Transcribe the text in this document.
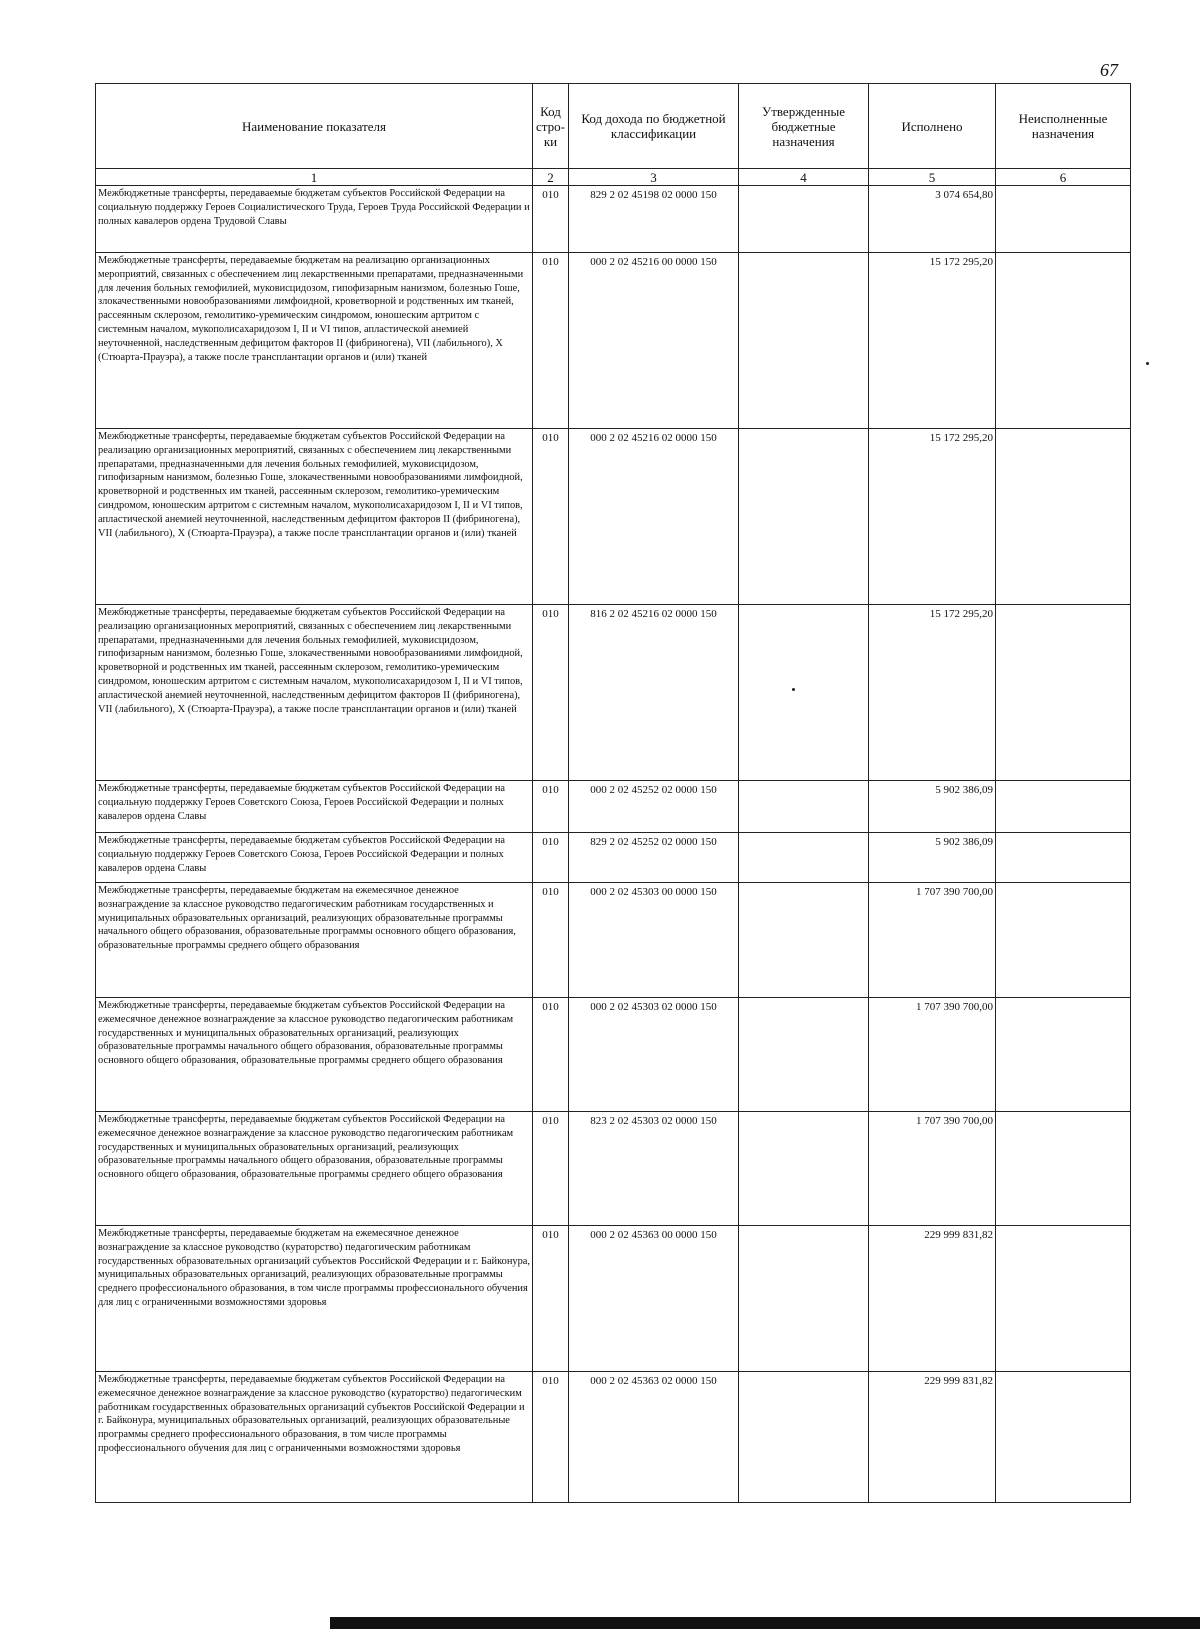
67
Наименование показателя	Код стро-ки	Код дохода по бюджетной классификации	Утвержденные бюджетные назначения	Исполнено	Неисполненные назначения
1	2	3	4	5	6
Межбюджетные трансферты, передаваемые бюджетам субъектов Российской Федерации на социальную поддержку Героев Социалистического Труда, Героев Труда Российской Федерации и полных кавалеров ордена Трудовой Славы	010	829 2 02 45198 02 0000 150		3 074 654,80	
Межбюджетные трансферты, передаваемые бюджетам на реализацию организационных мероприятий, связанных с обеспечением лиц лекарственными препаратами, предназначенными для лечения больных гемофилией, муковисцидозом, гипофизарным нанизмом, болезнью Гоше, злокачественными новообразованиями лимфоидной, кроветворной и родственных им тканей, рассеянным склерозом, гемолитико-уремическим синдромом, юношеским артритом с системным началом, мукополисахаридозом I, II и VI типов, апластической анемией неуточненной, наследственным дефицитом факторов II (фибриногена), VII (лабильного), X (Стюарта-Прауэра), а также после трансплантации органов и (или) тканей	010	000 2 02 45216 00 0000 150		15 172 295,20	
Межбюджетные трансферты, передаваемые бюджетам субъектов Российской Федерации на реализацию организационных мероприятий, связанных с обеспечением лиц лекарственными препаратами, предназначенными для лечения больных гемофилией, муковисцидозом, гипофизарным нанизмом, болезнью Гоше, злокачественными новообразованиями лимфоидной, кроветворной и родственных им тканей, рассеянным склерозом, гемолитико-уремическим синдромом, юношеским артритом с системным началом, мукополисахаридозом I, II и VI типов, апластической анемией неуточненной, наследственным дефицитом факторов II (фибриногена), VII (лабильного), X (Стюарта-Прауэра), а также после трансплантации органов и (или) тканей	010	000 2 02 45216 02 0000 150		15 172 295,20	
Межбюджетные трансферты, передаваемые бюджетам субъектов Российской Федерации на реализацию организационных мероприятий, связанных с обеспечением лиц лекарственными препаратами, предназначенными для лечения больных гемофилией, муковисцидозом, гипофизарным нанизмом, болезнью Гоше, злокачественными новообразованиями лимфоидной, кроветворной и родственных им тканей, рассеянным склерозом, гемолитико-уремическим синдромом, юношеским артритом с системным началом, мукополисахаридозом I, II и VI типов, апластической анемией неуточненной, наследственным дефицитом факторов II (фибриногена), VII (лабильного), X (Стюарта-Прауэра), а также после трансплантации органов и (или) тканей	010	816 2 02 45216 02 0000 150		15 172 295,20	
Межбюджетные трансферты, передаваемые бюджетам субъектов Российской Федерации на социальную поддержку Героев Советского Союза, Героев Российской Федерации и полных кавалеров ордена Славы	010	000 2 02 45252 02 0000 150		5 902 386,09	
Межбюджетные трансферты, передаваемые бюджетам субъектов Российской Федерации на социальную поддержку Героев Советского Союза, Героев Российской Федерации и полных кавалеров ордена Славы	010	829 2 02 45252 02 0000 150		5 902 386,09	
Межбюджетные трансферты, передаваемые бюджетам на ежемесячное денежное вознаграждение за классное руководство педагогическим работникам государственных и муниципальных образовательных организаций, реализующих образовательные программы начального общего образования, образовательные программы основного общего образования, образовательные программы среднего общего образования	010	000 2 02 45303 00 0000 150		1 707 390 700,00	
Межбюджетные трансферты, передаваемые бюджетам субъектов Российской Федерации на ежемесячное денежное вознаграждение за классное руководство педагогическим работникам государственных и муниципальных образовательных организаций, реализующих образовательные программы начального общего образования, образовательные программы основного общего образования, образовательные программы среднего общего образования	010	000 2 02 45303 02 0000 150		1 707 390 700,00	
Межбюджетные трансферты, передаваемые бюджетам субъектов Российской Федерации на ежемесячное денежное вознаграждение за классное руководство педагогическим работникам государственных и муниципальных образовательных организаций, реализующих образовательные программы начального общего образования, образовательные программы основного общего образования, образовательные программы среднего общего образования	010	823 2 02 45303 02 0000 150		1 707 390 700,00	
Межбюджетные трансферты, передаваемые бюджетам на ежемесячное денежное вознаграждение за классное руководство (кураторство) педагогическим работникам государственных образовательных организаций субъектов Российской Федерации и г. Байконура, муниципальных образовательных организаций, реализующих образовательные программы среднего профессионального образования, в том числе программы профессионального обучения для лиц с ограниченными возможностями здоровья	010	000 2 02 45363 00 0000 150		229 999 831,82	
Межбюджетные трансферты, передаваемые бюджетам субъектов Российской Федерации на ежемесячное денежное вознаграждение за классное руководство (кураторство) педагогическим работникам государственных образовательных организаций субъектов Российской Федерации и г. Байконура, муниципальных образовательных организаций, реализующих образовательные программы среднего профессионального образования, в том числе программы профессионального обучения для лиц с ограниченными возможностями здоровья	010	000 2 02 45363 02 0000 150		229 999 831,82	
